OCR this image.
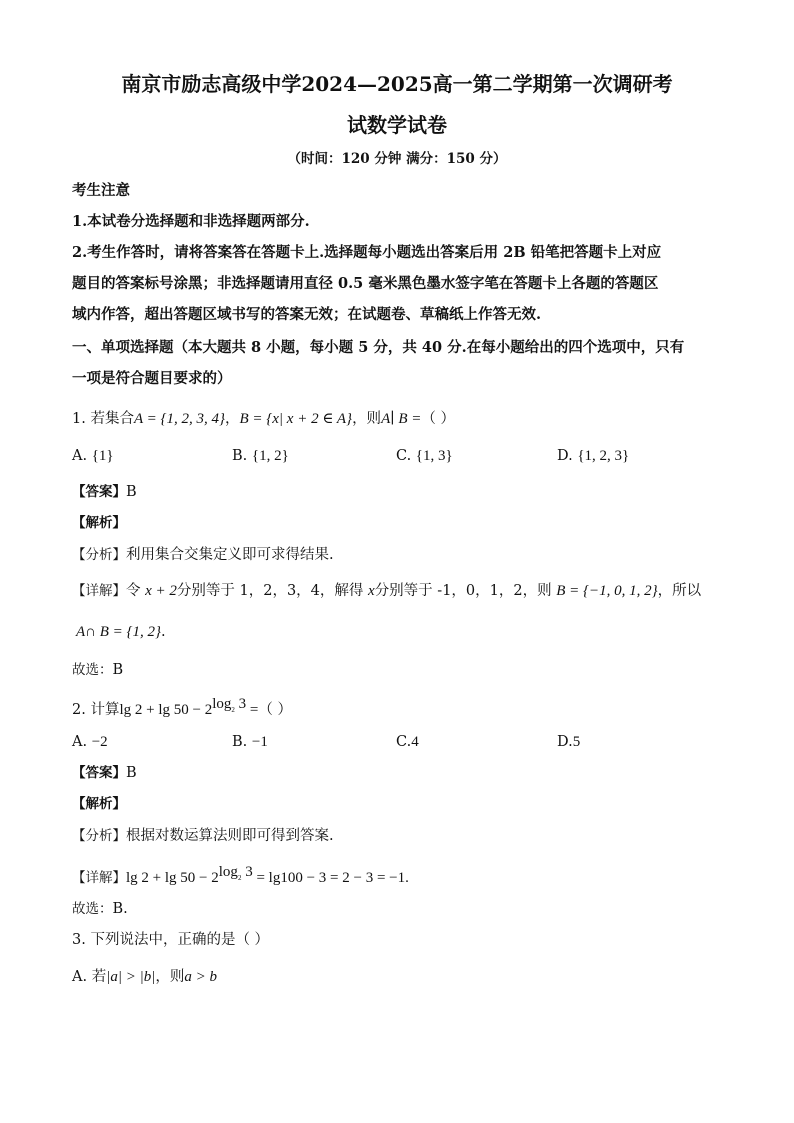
南京市励志高级中学2024—2025高一第二学期第一次调研考
试数学试卷
（时间：120 分钟 满分：150 分）
考生注意
1.本试卷分选择题和非选择题两部分.
2.考生作答时，请将答案答在答题卡上.选择题每小题选出答案后用 2B 铅笔把答题卡上对应
题目的答案标号涂黑；非选择题请用直径 0.5 毫米黑色墨水签字笔在答题卡上各题的答题区
域内作答，超出答题区域书写的答案无效；在试题卷、草稿纸上作答无效.
一、单项选择题（本大题共 8 小题，每小题 5 分，共 40 分.在每小题给出的四个选项中，只有
一项是符合题目要求的）
1. 若集合A = {1, 2, 3, 4}，B = {x| x + 2 ∈ A}，则A∣ B =（ ）
A. {1}	B. {1, 2}	C. {1, 3}	D. {1, 2, 3}
【答案】B
【解析】
【分析】利用集合交集定义即可求得结果.
【详解】令 x + 2分别等于 1，2，3，4，解得 x分别等于 -1，0，1，2，则 B = {−1, 0, 1, 2}，所以
A∩ B = {1, 2}.
故选：B
2. 计算$\lg 2 + \lg 50 - 2^{log_2 3}$ =（ ）
A. −2	B. −1	C.4	D.5
【答案】B
【解析】
【分析】根据对数运算法则即可得到答案.
【详解】$\lg 2 + \lg 50 - 2^{log_2 3} = \lg 100 - 3 = 2 - 3 = -1$.
故选：B.
3. 下列说法中，正确的是（ ）
A. 若|a| > |b|，则a > b
